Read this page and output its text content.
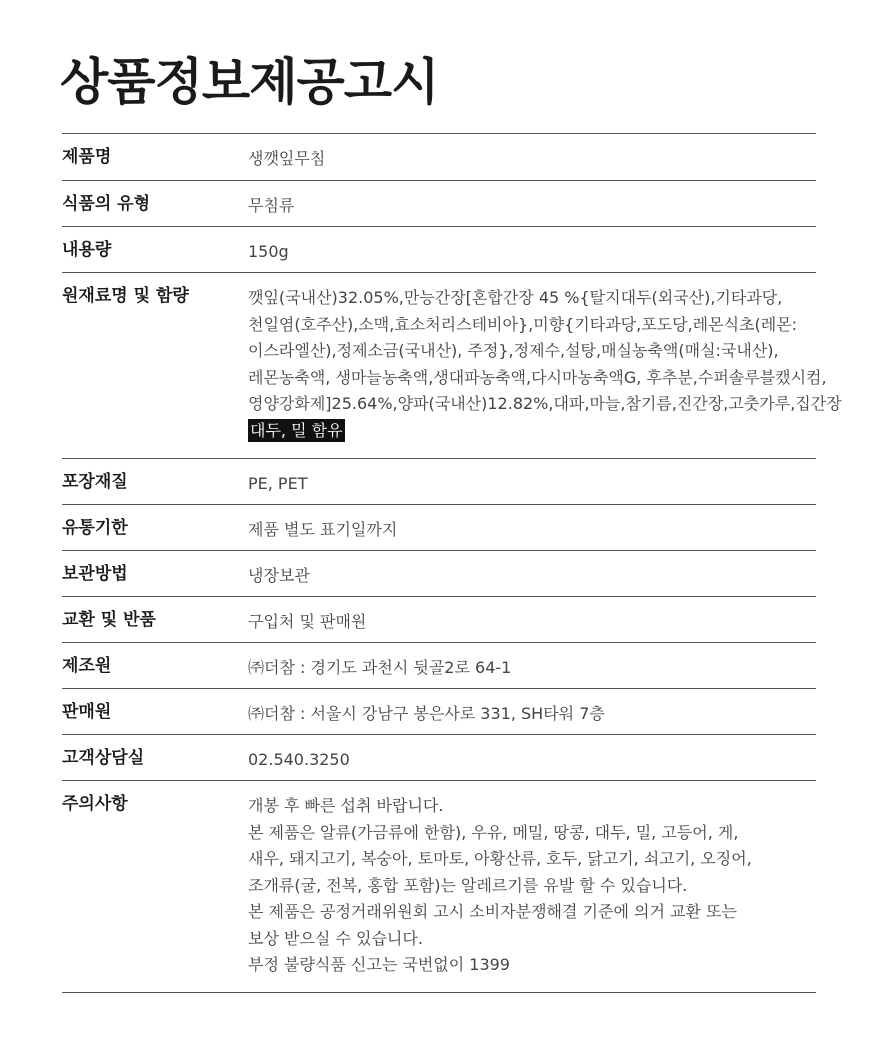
상품정보제공고시
제품명	생깻잎무침
식품의 유형	무침류
내용량	150g
원재료명 및 함량	깻잎(국내산)32.05%,만능간장[혼합간장 45 %{탈지대두(외국산),기타과당,
천일염(호주산),소맥,효소처리스테비아},미향{기타과당,포도당,레몬식초(레몬:
이스라엘산),정제소금(국내산), 주정},정제수,설탕,매실농축액(매실:국내산),
레몬농축액, 생마늘농축액,생대파농축액,다시마농축액G, 후추분,수퍼솔루블캤시컴,
영양강화제]25.64%,양파(국내산)12.82%,대파,마늘,참기름,진간장,고춧가루,집간장
대두, 밀 함유
포장재질	PE, PET
유통기한	제품 별도 표기일까지
보관방법	냉장보관
교환 및 반품	구입처 및 판매원
제조원	㈜더참 : 경기도 과천시 뒷골2로 64-1
판매원	㈜더참 : 서울시 강남구 봉은사로 331, SH타워 7층
고객상담실	02.540.3250
주의사항	개봉 후 빠른 섭취 바랍니다.
본 제품은 알류(가금류에 한함), 우유, 메밀, 땅콩, 대두, 밀, 고등어, 게,
새우, 돼지고기, 복숭아, 토마토, 아황산류, 호두, 닭고기, 쇠고기, 오징어,
조개류(굴, 전복, 홍합 포함)는 알레르기를 유발 할 수 있습니다.
본 제품은 공정거래위원회 고시 소비자분쟁해결 기준에 의거 교환 또는
보상 받으실 수 있습니다.
부정 불량식품 신고는 국번없이 1399
